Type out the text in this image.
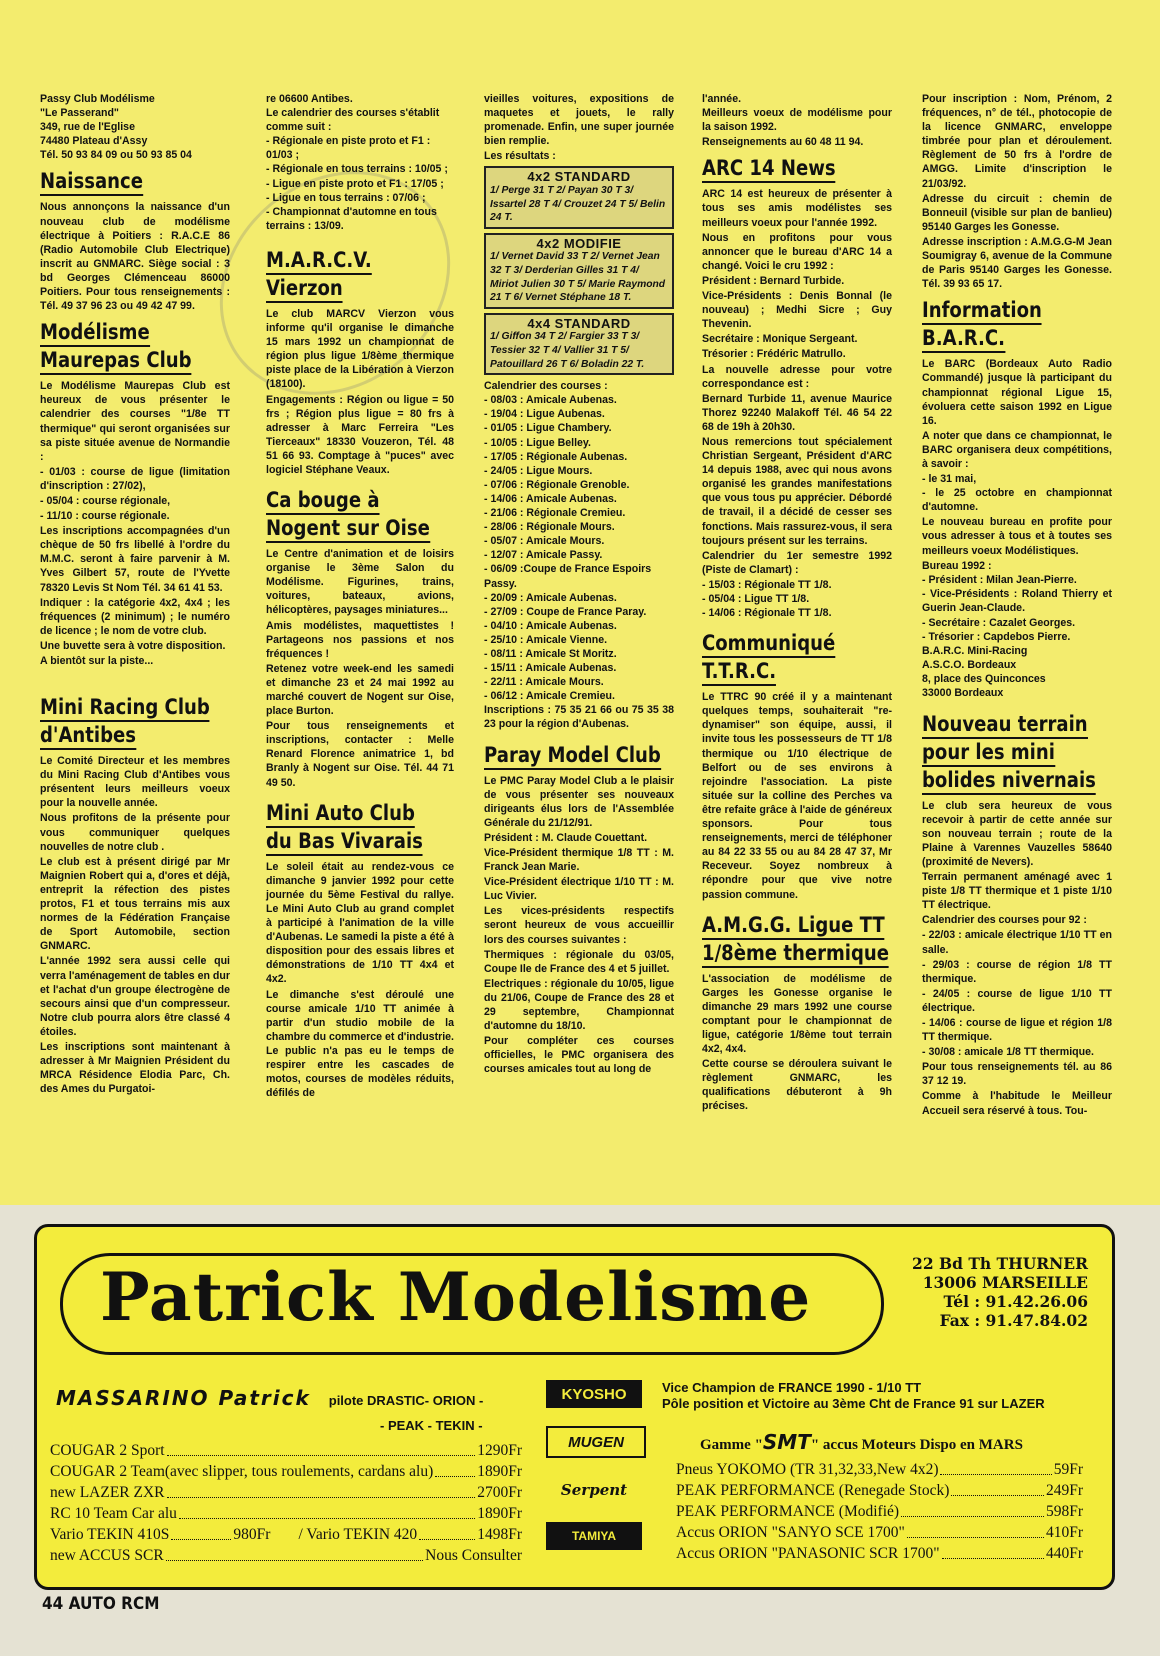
Passy Club Modélisme
"Le Passerand"
349, rue de l'Eglise
74480 Plateau d'Assy
Tél. 50 93 84 09 ou 50 93 85 04
Naissance

Nous annonçons la naissance d'un nouveau club de modélisme électrique à Poitiers : R.A.C.E 86 (Radio Automobile Club Electrique) inscrit au GNMARC. Siège social : 3 bd Georges Clémenceau 86000 Poitiers. Pour tous renseignements : Tél. 49 37 96 23 ou 49 42 47 99.

Modélisme
Maurepas Club

Le Modélisme Maurepas Club est heureux de vous présenter le calendrier des courses "1/8e TT thermique" qui seront organisées sur sa piste située avenue de Normandie :

- 01/03 : course de ligue (limitation d'inscription : 27/02),

- 05/04 : course régionale,

- 11/10 : course régionale.

Les inscriptions accompagnées d'un chèque de 50 frs libellé à l'ordre du M.M.C. seront à faire parvenir à M. Yves Gilbert 57, route de l'Yvette 78320 Levis St Nom Tél. 34 61 41 53.

Indiquer : la catégorie 4x2, 4x4 ; les fréquences (2 minimum) ; le numéro de licence ; le nom de votre club.

Une buvette sera à votre disposition.

A bientôt sur la piste...

Mini Racing Club
d'Antibes

Le Comité Directeur et les membres du Mini Racing Club d'Antibes vous présentent leurs meilleurs voeux pour la nouvelle année.

Nous profitons de la présente pour vous communiquer quelques nouvelles de notre club .

Le club est à présent dirigé par Mr Maignien Robert qui a, d'ores et déjà, entreprit la réfection des pistes protos, F1 et tous terrains mis aux normes de la Fédération Française de Sport Automobile, section GNMARC.

L'année 1992 sera aussi celle qui verra l'aménagement de tables en dur et l'achat d'un groupe électrogène de secours ainsi que d'un compresseur. Notre club pourra alors être classé 4 étoiles.

Les inscriptions sont maintenant à adresser à Mr Maignien Président du MRCA Résidence Elodia Parc, Ch. des Ames du Purgatoi-

re 06600 Antibes.
Le calendrier des courses s'établit comme suit :
- Régionale en piste proto et F1 : 01/03 ;
- Régionale en tous terrains : 10/05 ;
- Ligue en piste proto et F1 : 17/05 ;
- Ligue en tous terrains : 07/06 ;
- Championnat d'automne en tous terrains : 13/09.
M.A.R.C.V.
Vierzon

Le club MARCV Vierzon vous informe qu'il organise le dimanche 15 mars 1992 un championnat de région plus ligue 1/8ème thermique piste place de la Libération à Vierzon (18100).

Engagements : Région ou ligue = 50 frs ; Région plus ligue = 80 frs à adresser à Marc Ferreira "Les Tierceaux" 18330 Vouzeron, Tél. 48 51 66 93. Comptage à "puces" avec logiciel Stéphane Veaux.

Ca bouge à
Nogent sur Oise

Le Centre d'animation et de loisirs organise le 3ème Salon du Modélisme. Figurines, trains, voitures, bateaux, avions, hélicoptères, paysages miniatures...

Amis modélistes, maquettistes ! Partageons nos passions et nos fréquences !

Retenez votre week-end les samedi et dimanche 23 et 24 mai 1992 au marché couvert de Nogent sur Oise, place Burton.

Pour tous renseignements et inscriptions, contacter : Melle Renard Florence animatrice 1, bd Branly à Nogent sur Oise. Tél. 44 71 49 50.

Mini Auto Club
du Bas Vivarais

Le soleil était au rendez-vous ce dimanche 9 janvier 1992 pour cette journée du 5ème Festival du rallye. Le Mini Auto Club au grand complet à participé à l'animation de la ville d'Aubenas. Le samedi la piste a été à disposition pour des essais libres et démonstrations de 1/10 TT 4x4 et 4x2.

Le dimanche s'est déroulé une course amicale 1/10 TT animée à partir d'un studio mobile de la chambre du commerce et d'industrie. Le public n'a pas eu le temps de respirer entre les cascades de motos, courses de modèles réduits, défilés de

vieilles voitures, expositions de maquetes et jouets, le rally promenade. Enfin, une super journée bien remplie.

Les résultats :
4x2 STANDARD
1/ Perge 31 T 2/ Payan 30 T 3/ Issartel 28 T 4/ Crouzet 24 T 5/ Belin 24 T.
4x2 MODIFIE
1/ Vernet David 33 T 2/ Vernet Jean 32 T 3/ Derderian Gilles 31 T 4/ Miriot Julien 30 T 5/ Marie Raymond 21 T 6/ Vernet Stéphane 18 T.
4x4 STANDARD
1/ Giffon 34 T 2/ Fargier 33 T 3/ Tessier 32 T 4/ Vallier 31 T 5/ Patouillard 26 T 6/ Boladin 22 T.
Calendrier des courses :
- 08/03 : Amicale Aubenas.
- 19/04 : Ligue Aubenas.
- 01/05 : Ligue Chambery.
- 10/05 : Ligue Belley.
- 17/05 : Régionale Aubenas.
- 24/05 : Ligue Mours.
- 07/06 : Régionale Grenoble.
- 14/06 : Amicale Aubenas.
- 21/06 : Régionale Cremieu.
- 28/06 : Régionale Mours.
- 05/07 : Amicale Mours.
- 12/07 : Amicale Passy.
- 06/09 :Coupe de France Espoirs Passy.
- 20/09 : Amicale Aubenas.
- 27/09 : Coupe de France Paray.
- 04/10 : Amicale Aubenas.
- 25/10 : Amicale Vienne.
- 08/11 : Amicale St Moritz.
- 15/11 : Amicale Aubenas.
- 22/11 : Amicale Mours.
- 06/12 : Amicale Cremieu.

Inscriptions : 75 35 21 66 ou 75 35 38 23 pour la région d'Aubenas.

Paray Model Club

Le PMC Paray Model Club a le plaisir de vous présenter ses nouveaux dirigeants élus lors de l'Assemblée Générale du 21/12/91.

Président : M. Claude Couettant.

Vice-Président thermique 1/8 TT : M. Franck Jean Marie.

Vice-Président électrique 1/10 TT : M. Luc Vivier.

Les vices-présidents respectifs seront heureux de vous accueillir lors des courses suivantes :

Thermiques : régionale du 03/05, Coupe Ile de France des 4 et 5 juillet.

Electriques : régionale du 10/05, ligue du 21/06, Coupe de France des 28 et 29 septembre, Championnat d'automne du 18/10.

Pour compléter ces courses officielles, le PMC organisera des courses amicales tout au long de

l'année.

Meilleurs voeux de modélisme pour la saison 1992.

Renseignements au 60 48 11 94.
ARC 14 News

ARC 14 est heureux de présenter à tous ses amis modélistes ses meilleurs voeux pour l'année 1992.

Nous en profitons pour vous annoncer que le bureau d'ARC 14 a changé. Voici le cru 1992 :

Président : Bernard Turbide.

Vice-Présidents : Denis Bonnal (le nouveau) ; Medhi Sicre ; Guy Thevenin.

Secrétaire : Monique Sergeant.

Trésorier : Frédéric Matrullo.

La nouvelle adresse pour votre correspondance est :

Bernard Turbide 11, avenue Maurice Thorez 92240 Malakoff Tél. 46 54 22 68 de 19h à 20h30.

Nous remercions tout spécialement Christian Sergeant, Président d'ARC 14 depuis 1988, avec qui nous avons organisé les grandes manifestations que vous tous pu apprécier. Débordé de travail, il a décidé de cesser ses fonctions. Mais rassurez-vous, il sera toujours présent sur les terrains.

Calendrier du 1er semestre 1992 (Piste de Clamart) :

- 15/03 : Régionale TT 1/8.
- 05/04 : Ligue TT 1/8.
- 14/06 : Régionale TT 1/8.
Communiqué
T.T.R.C.

Le TTRC 90 créé il y a maintenant quelques temps, souhaiterait "re-dynamiser" son équipe, aussi, il invite tous les possesseurs de TT 1/8 thermique ou 1/10 électrique de Belfort ou de ses environs à rejoindre l'association. La piste située sur la colline des Perches va être refaite grâce à l'aide de généreux sponsors. Pour tous renseignements, merci de téléphoner au 84 22 33 55 ou au 84 28 47 37, Mr Receveur. Soyez nombreux à répondre pour que vive notre passion commune.

A.M.G.G. Ligue TT
1/8ème thermique

L'association de modélisme de Garges les Gonesse organise le dimanche 29 mars 1992 une course comptant pour le championnat de ligue, catégorie 1/8ème tout terrain 4x2, 4x4.

Cette course se déroulera suivant le règlement GNMARC, les qualifications débuteront à 9h précises.

Pour inscription : Nom, Prénom, 2 fréquences, n° de tél., photocopie de la licence GNMARC, enveloppe timbrée pour plan et déroulement. Règlement de 50 frs à l'ordre de AMGG. Limite d'inscription le 21/03/92.

Adresse du circuit : chemin de Bonneuil (visible sur plan de banlieu) 95140 Garges les Gonesse.

Adresse inscription : A.M.G.G-M Jean Soumigray 6, avenue de la Commune de Paris 95140 Garges les Gonesse. Tél. 39 93 65 17.

Information
B.A.R.C.

Le BARC (Bordeaux Auto Radio Commandé) jusque là participant du championnat régional Ligue 15, évoluera cette saison 1992 en Ligue 16.

A noter que dans ce championnat, le BARC organisera deux compétitions, à savoir :

- le 31 mai,

- le 25 octobre en championnat d'automne.

Le nouveau bureau en profite pour vous adresser à tous et à toutes ses meilleurs voeux Modélistiques.

Bureau 1992 :
- Président : Milan Jean-Pierre.

- Vice-Présidents : Roland Thierry et Guerin Jean-Claude.

- Secrétaire : Cazalet Georges.
- Trésorier : Capdebos Pierre.
B.A.R.C. Mini-Racing
A.S.C.O. Bordeaux
8, place des Quinconces
33000 Bordeaux
Nouveau terrain
pour les mini
bolides nivernais

Le club sera heureux de vous recevoir à partir de cette année sur son nouveau terrain ; route de la Plaine à Varennes Vauzelles 58640 (proximité de Nevers).

Terrain permanent aménagé avec 1 piste 1/8 TT thermique et 1 piste 1/10 TT électrique.

Calendrier des courses pour 92 :

- 22/03 : amicale électrique 1/10 TT en salle.

- 29/03 : course de région 1/8 TT thermique.

- 24/05 : course de ligue 1/10 TT électrique.

- 14/06 : course de ligue et région 1/8 TT thermique.

- 30/08 : amicale 1/8 TT thermique.

Pour tous renseignements tél. au 86 37 12 19.

Comme à l'habitude le Meilleur Accueil sera réservé à tous. Tou-

Patrick Modelisme	22 Bd Th THURNER
13006 MARSEILLE
Tél : 91.42.26.06
Fax : 91.47.84.02
MASSARINO Patrick pilote DRASTIC- ORION -
- PEAK - TEKIN -
COUGAR 2 Sport	1290Fr
COUGAR 2 Team(avec slipper, tous roulements, cardans alu)	1890Fr
new LAZER ZXR	2700Fr
RC 10 Team Car alu	1890Fr
Vario TEKIN 410S	980Fr / Vario TEKIN 420	1498Fr
new ACCUS SCR	Nous Consulter
KYOSHO
MUGEN
Serpent
TAMIYA
Vice Champion de FRANCE 1990 - 1/10 TT
Pôle position et Victoire au 3ème Cht de France 91 sur LAZER
Gamme "SMT" accus Moteurs Dispo en MARS
Pneus YOKOMO (TR 31,32,33,New 4x2)	59Fr
PEAK PERFORMANCE (Renegade Stock)	249Fr
PEAK PERFORMANCE (Modifié)	598Fr
Accus ORION "SANYO SCE 1700"	410Fr
Accus ORION "PANASONIC SCR 1700"	440Fr
44 AUTO RCM
